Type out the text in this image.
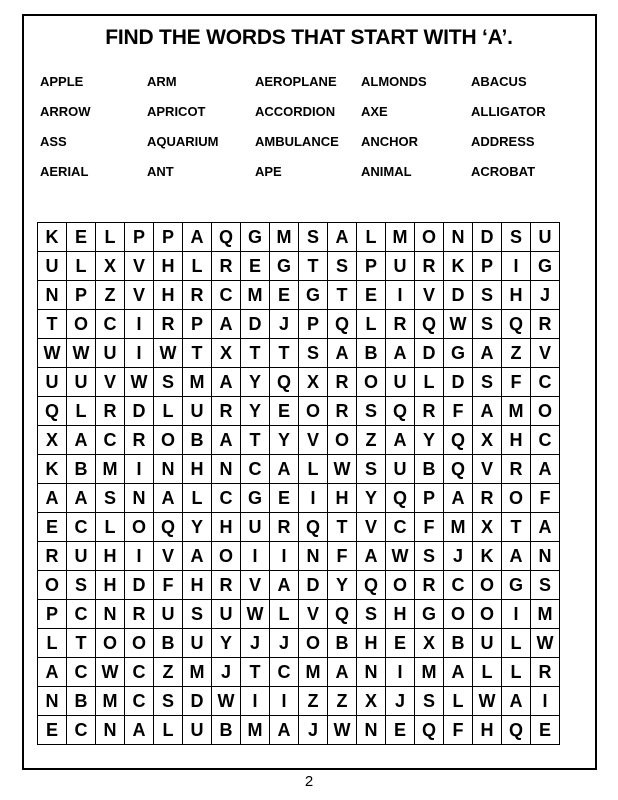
FIND THE WORDS THAT START WITH ‘A’.
APPLE	ARM	AEROPLANE ALMONDS	ABACUS
ARROW	APRICOT	ACCORDION AXE	ALLIGATOR
ASS	AQUARIUM	AMBULANCE ANCHOR	ADDRESS
AERIAL	ANT	APE	ANIMAL	ACROBAT
K	E	L	P	P	A	Q	G	M	S	A	L	M	O	N	D	S	U
U	L	X	V	H	L	R	E	G	T	S	P	U	R	K	P	I	G
N	P	Z	V	H	R	C	M	E	G	T	E	I	V	D	S	H	J
T	O	C	I	R	P	A	D	J	P	Q	L	R	Q	W	S	Q	R
W	W	U	I	W	T	X	T	T	S	A	B	A	D	G	A	Z	V
U	U	V	W	S	M	A	Y	Q	X	R	O	U	L	D	S	F	C
Q	L	R	D	L	U	R	Y	E	O	R	S	Q	R	F	A	M	O
X	A	C	R	O	B	A	T	Y	V	O	Z	A	Y	Q	X	H	C
K	B	M	I	N	H	N	C	A	L	W	S	U	B	Q	V	R	A
A	A	S	N	A	L	C	G	E	I	H	Y	Q	P	A	R	O	F
E	C	L	O	Q	Y	H	U	R	Q	T	V	C	F	M	X	T	A
R	U	H	I	V	A	O	I	I	N	F	A	W	S	J	K	A	N
O	S	H	D	F	H	R	V	A	D	Y	Q	O	R	C	O	G	S
P	C	N	R	U	S	U	W	L	V	Q	S	H	G	O	O	I	M
L	T	O	O	B	U	Y	J	J	O	B	H	E	X	B	U	L	W
A	C	W	C	Z	M	J	T	C	M	A	N	I	M	A	L	L	R
N	B	M	C	S	D	W	I	I	Z	Z	X	J	S	L	W	A	I
E	C	N	A	L	U	B	M	A	J	W	N	E	Q	F	H	Q	E
2
